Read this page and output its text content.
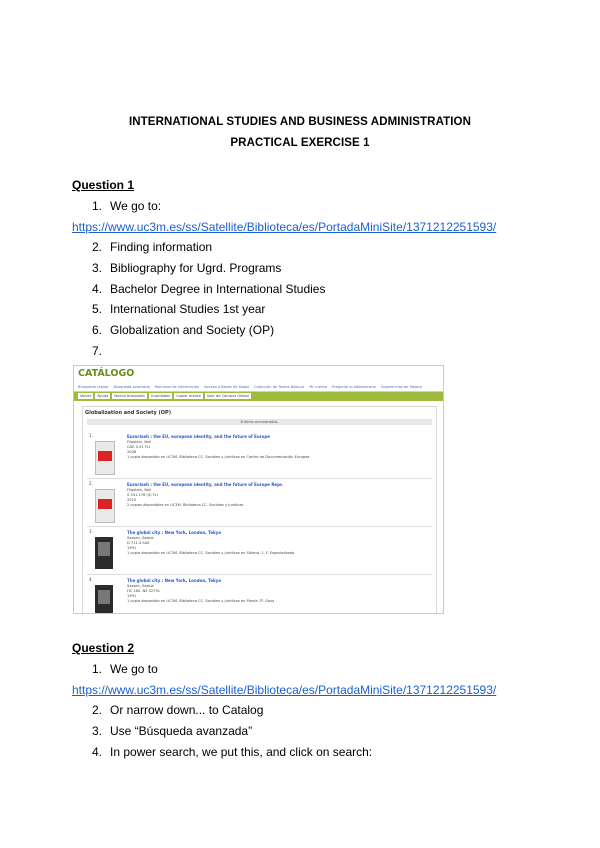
INTERNATIONAL STUDIES AND BUSINESS ADMINISTRATION
PRACTICAL EXERCISE 1
Question 1
1. We go to:
https://www.uc3m.es/ss/Satellite/Biblioteca/es/PortadaMiniSite/1371212251593/
2. Finding information
3. Bibliography for Ugrd. Programs
4. Bachelor Degree in International Studies
5. International Studies 1st year
6. Globalization and Society (OP)
7.
CATÁLOGO
Búsqueda rápida Búsqueda avanzada Recursos de información Acceso a Bases de Datos Colección de Textos Básicos Mi cuenta Pregunte al bibliotecario Sugerencias de Mejora
Volver Ayuda Nueva búsqueda Guardados Copiar enlace Salir de Campus Global
Globalization and Society (OP)
8 ítems encontrados.
1.	Euroclash : the EU, european identity, and the future of Europe
Fligstein, Neil
CDE 0.41 FLI
2008
1 copia disponible en UC3M. Biblioteca CC. Sociales y Jurídicas en Centro de Documentación Europea
2.	Euroclash : the EU, european identity, and the future of Europe Repr.
Fligstein, Neil
S 341.176 (4) FLI
2010
2 copias disponibles en UC3M. Biblioteca CC. Sociales y Jurídicas
3.	The global city : New York, London, Tokyo
Sassen, Saskia
D 711.4 SAS
1991
1 copia disponible en UC3M. Biblioteca CC. Sociales y Jurídicas en Sótano -1. F. Especializado
4.	The global city : New York, London, Tokyo
Sassen, Saskia
HC 184 .N5 S2791
1991
1 copia disponible en UC3M. Biblioteca CC. Sociales y Jurídicas en Planta 1ª. Gaus
Question 2
1. We go to
https://www.uc3m.es/ss/Satellite/Biblioteca/es/PortadaMiniSite/1371212251593/
2. Or narrow down... to Catalog
3. Use “Búsqueda avanzada”
4. In power search, we put this, and click on search:
